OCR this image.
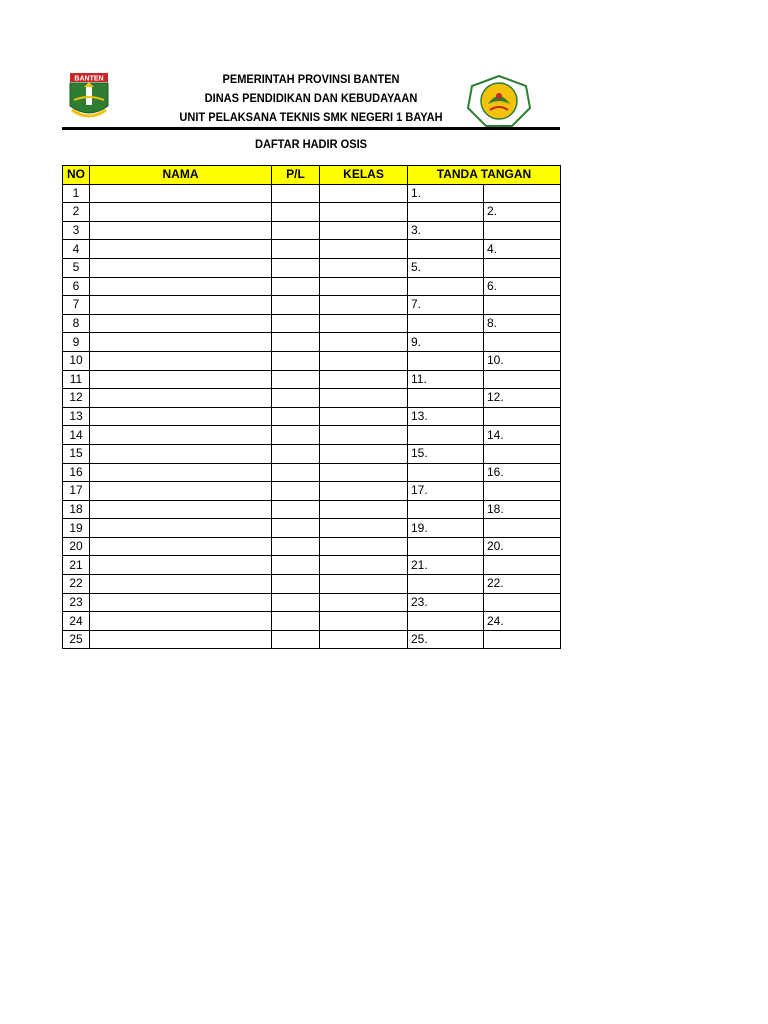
BANTEN	PEMERINTAH PROVINSI BANTEN
DINAS PENDIDIKAN DAN KEBUDAYAAN
UNIT PELAKSANA TEKNIS SMK NEGERI 1 BAYAH
DAFTAR HADIR OSIS
NO	NAMA	P/L	KELAS	TANDA TANGAN	
1				1.	
2					2.
3				3.	
4					4.
5				5.	
6					6.
7				7.	
8					8.
9				9.	
10					10.
11				11.	
12					12.
13				13.	
14					14.
15				15.	
16					16.
17				17.	
18					18.
19				19.	
20					20.
21				21.	
22					22.
23				23.	
24					24.
25				25.	
